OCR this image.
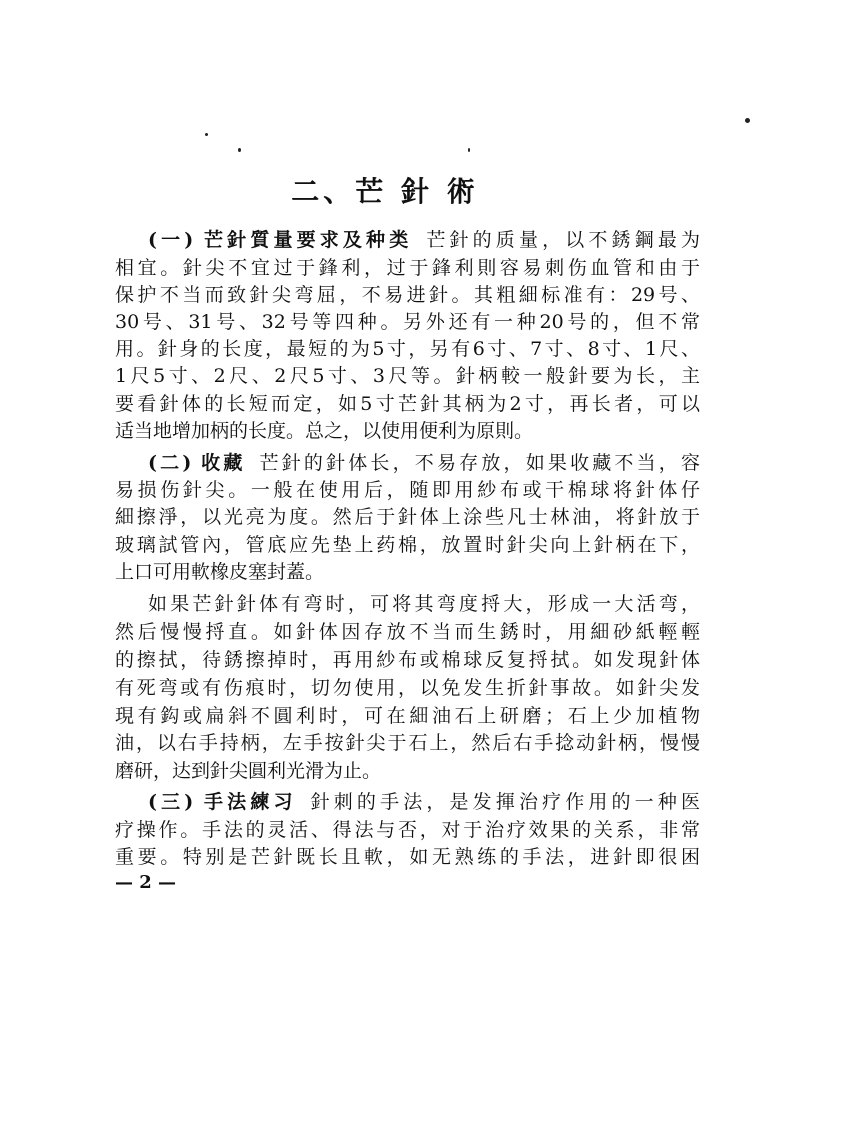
二、芒 針 術
(一) 芒針質量要求及种类 芒針的质量，以不銹鋼最为
相宜。針尖不宜过于鋒利，过于鋒利則容易刺伤血管和由于
保护不当而致針尖弯屈，不易进針。其粗細标准有：29号、
30号、31号、32号等四种。另外还有一种20号的，但不常
用。針身的长度，最短的为5寸，另有6寸、7寸、8寸、1尺、
1尺5寸、2尺、2尺5寸、3尺等。針柄較一般針要为长，主
要看針体的长短而定，如5寸芒針其柄为2寸，再长者，可以
适当地增加柄的长度。总之，以使用便利为原則。
(二) 收藏 芒針的針体长，不易存放，如果收藏不当，容
易损伤針尖。一般在使用后，随即用紗布或干棉球将針体仔
細擦淨，以光亮为度。然后于針体上涂些凡士林油，将針放于
玻璃試管內，管底应先垫上药棉，放置时針尖向上針柄在下，
上口可用軟橡皮塞封蓋。
如果芒針針体有弯时，可将其弯度捋大，形成一大活弯，
然后慢慢捋直。如針体因存放不当而生銹时，用細砂紙輕輕
的擦拭，待銹擦掉时，再用紗布或棉球反复捋拭。如发現針体
有死弯或有伤痕时，切勿使用，以免发生折針事故。如針尖发
現有鈎或扁斜不圓利时，可在細油石上研磨；石上少加植物
油，以右手持柄，左手按針尖于石上，然后右手捻动針柄，慢慢
磨研，达到針尖圓利光滑为止。
(三) 手法練习 針刺的手法，是发揮治疗作用的一种医
疗操作。手法的灵活、得法与否，对于治疗效果的关系，非常
重要。特别是芒針既长且軟，如无熟练的手法，进針即很困
— 2 —
